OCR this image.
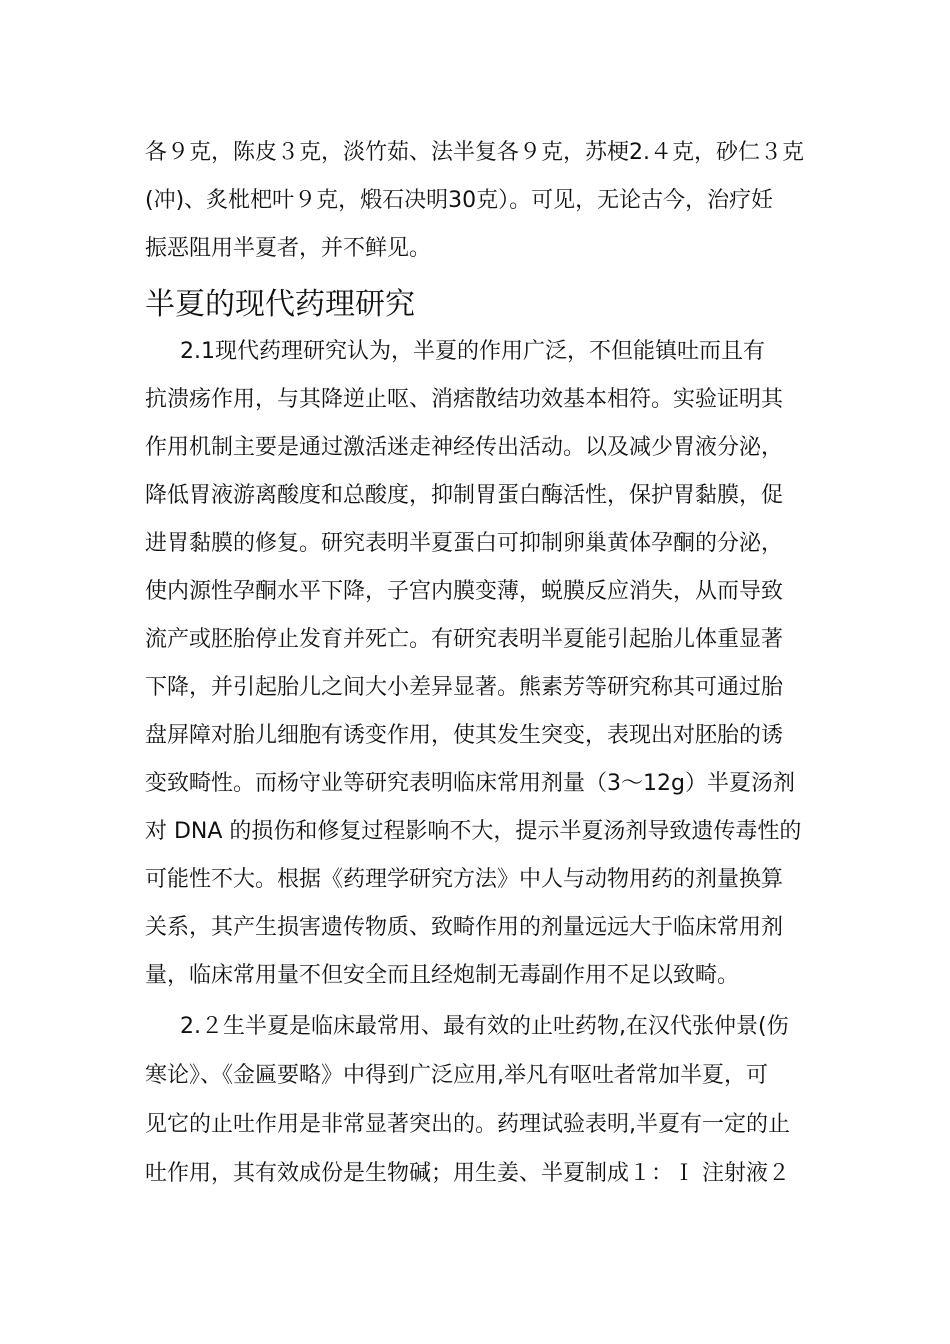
各９克，陈皮３克，淡竹茹、法半复各９克，苏梗2.４克，砂仁３克
(冲)、炙枇杷叶９克，煅石决明30克）。可见，无论古今，治疗妊
振恶阻用半夏者，并不鲜见。
半夏的现代药理研究
2.1现代药理研究认为，半夏的作用广泛，不但能镇吐而且有
抗溃疡作用，与其降逆止呕、消痞散结功效基本相符。实验证明其
作用机制主要是通过激活迷走神经传出活动。以及减少胃液分泌，
降低胃液游离酸度和总酸度，抑制胃蛋白酶活性，保护胃黏膜，促
进胃黏膜的修复。研究表明半夏蛋白可抑制卵巢黄体孕酮的分泌，
使内源性孕酮水平下降，子宫内膜变薄，蜕膜反应消失，从而导致
流产或胚胎停止发育并死亡。有研究表明半夏能引起胎儿体重显著
下降，并引起胎儿之间大小差异显著。熊素芳等研究称其可通过胎
盘屏障对胎儿细胞有诱变作用，使其发生突变，表现出对胚胎的诱
变致畸性。而杨守业等研究表明临床常用剂量（3～12g）半夏汤剂
对 DNA 的损伤和修复过程影响不大，提示半夏汤剂导致遗传毒性的
可能性不大。根据《药理学研究方法》中人与动物用药的剂量换算
关系，其产生损害遗传物质、致畸作用的剂量远远大于临床常用剂
量，临床常用量不但安全而且经炮制无毒副作用不足以致畸。
2.２生半夏是临床最常用、最有效的止吐药物,在汉代张仲景(伤
寒论》、《金匾要略》中得到广泛应用,举凡有呕吐者常加半夏，可
见它的止吐作用是非常显著突出的。药理试验表明,半夏有一定的止
吐作用，其有效成份是生物碱；用生姜、半夏制成１：Ｉ 注射液２
